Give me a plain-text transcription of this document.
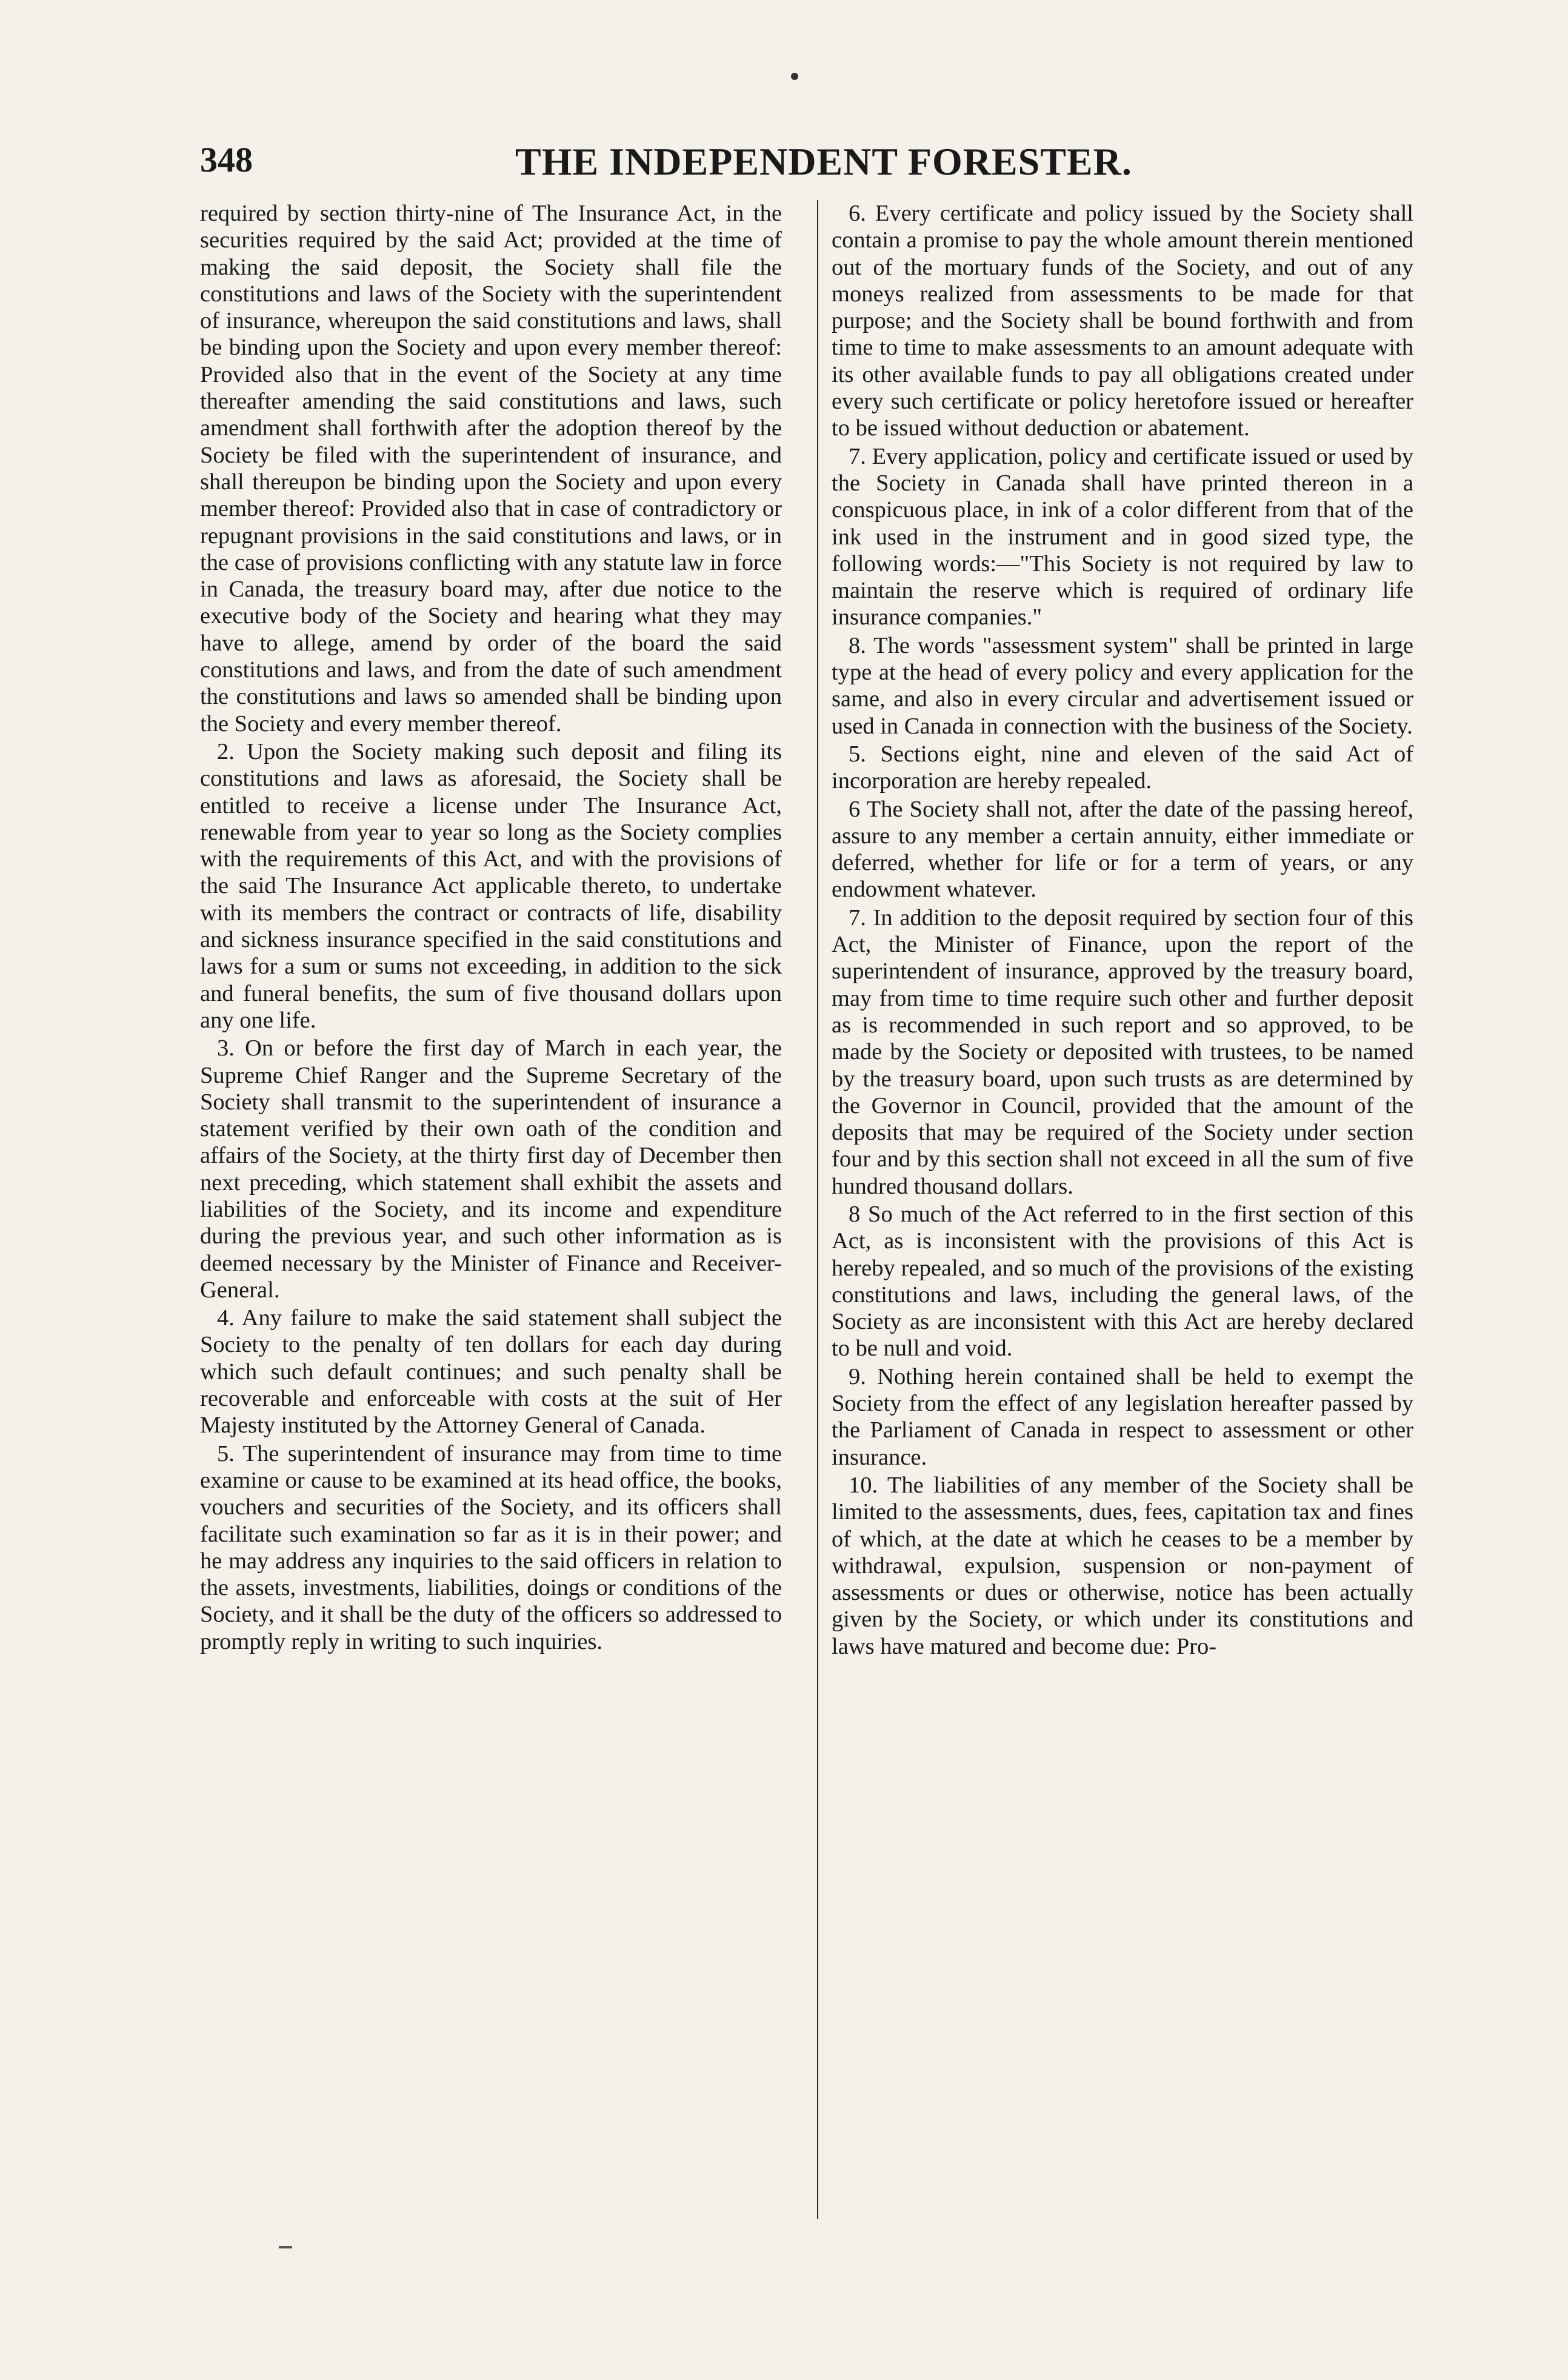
348	THE INDEPENDENT FORESTER.

required by section thirty-nine of The Insurance Act, in the securities required by the said Act; provided at the time of making the said deposit, the Society shall file the constitutions and laws of the Society with the superintendent of insurance, whereupon the said constitutions and laws, shall be binding upon the Society and upon every member thereof: Provided also that in the event of the Society at any time thereafter amending the said constitutions and laws, such amendment shall forthwith after the adoption thereof by the Society be filed with the superintendent of insurance, and shall thereupon be binding upon the Society and upon every member thereof: Provided also that in case of contradictory or repugnant provisions in the said constitutions and laws, or in the case of provisions conflicting with any statute law in force in Canada, the treasury board may, after due notice to the executive body of the Society and hearing what they may have to allege, amend by order of the board the said constitutions and laws, and from the date of such amendment the constitutions and laws so amended shall be binding upon the Society and every member thereof.

2. Upon the Society making such deposit and filing its constitutions and laws as aforesaid, the Society shall be entitled to receive a license under The Insurance Act, renewable from year to year so long as the Society complies with the requirements of this Act, and with the provisions of the said The Insurance Act applicable thereto, to undertake with its members the contract or contracts of life, disability and sickness insurance specified in the said constitutions and laws for a sum or sums not exceeding, in addition to the sick and funeral benefits, the sum of five thousand dollars upon any one life.

3. On or before the first day of March in each year, the Supreme Chief Ranger and the Supreme Secretary of the Society shall transmit to the superintendent of insurance a statement verified by their own oath of the condition and affairs of the Society, at the thirty first day of December then next preceding, which statement shall exhibit the assets and liabilities of the Society, and its income and expenditure during the previous year, and such other information as is deemed necessary by the Minister of Finance and Receiver-General.

4. Any failure to make the said statement shall subject the Society to the penalty of ten dollars for each day during which such default continues; and such penalty shall be recoverable and enforceable with costs at the suit of Her Majesty instituted by the Attorney General of Canada.

5. The superintendent of insurance may from time to time examine or cause to be examined at its head office, the books, vouchers and securities of the Society, and its officers shall facilitate such examination so far as it is in their power; and he may address any inquiries to the said officers in relation to the assets, investments, liabilities, doings or conditions of the Society, and it shall be the duty of the officers so addressed to promptly reply in writing to such inquiries.

6. Every certificate and policy issued by the Society shall contain a promise to pay the whole amount therein mentioned out of the mortuary funds of the Society, and out of any moneys realized from assessments to be made for that purpose; and the Society shall be bound forthwith and from time to time to make assessments to an amount adequate with its other available funds to pay all obligations created under every such certificate or policy heretofore issued or hereafter to be issued without deduction or abatement.

7. Every application, policy and certificate issued or used by the Society in Canada shall have printed thereon in a conspicuous place, in ink of a color different from that of the ink used in the instrument and in good sized type, the following words:—"This Society is not required by law to maintain the reserve which is required of ordinary life insurance companies."

8. The words "assessment system" shall be printed in large type at the head of every policy and every application for the same, and also in every circular and advertisement issued or used in Canada in connection with the business of the Society.

5. Sections eight, nine and eleven of the said Act of incorporation are hereby repealed.

6 The Society shall not, after the date of the passing hereof, assure to any member a certain annuity, either immediate or deferred, whether for life or for a term of years, or any endowment whatever.

7. In addition to the deposit required by section four of this Act, the Minister of Finance, upon the report of the superintendent of insurance, approved by the treasury board, may from time to time require such other and further deposit as is recommended in such report and so approved, to be made by the Society or deposited with trustees, to be named by the treasury board, upon such trusts as are determined by the Governor in Council, provided that the amount of the deposits that may be required of the Society under section four and by this section shall not exceed in all the sum of five hundred thousand dollars.

8 So much of the Act referred to in the first section of this Act, as is inconsistent with the provisions of this Act is hereby repealed, and so much of the provisions of the existing constitutions and laws, including the general laws, of the Society as are inconsistent with this Act are hereby declared to be null and void.

9. Nothing herein contained shall be held to exempt the Society from the effect of any legislation hereafter passed by the Parliament of Canada in respect to assessment or other insurance.

10. The liabilities of any member of the Society shall be limited to the assessments, dues, fees, capitation tax and fines of which, at the date at which he ceases to be a member by withdrawal, expulsion, suspension or non-payment of assessments or dues or otherwise, notice has been actually given by the Society, or which under its constitutions and laws have matured and become due: Pro-
